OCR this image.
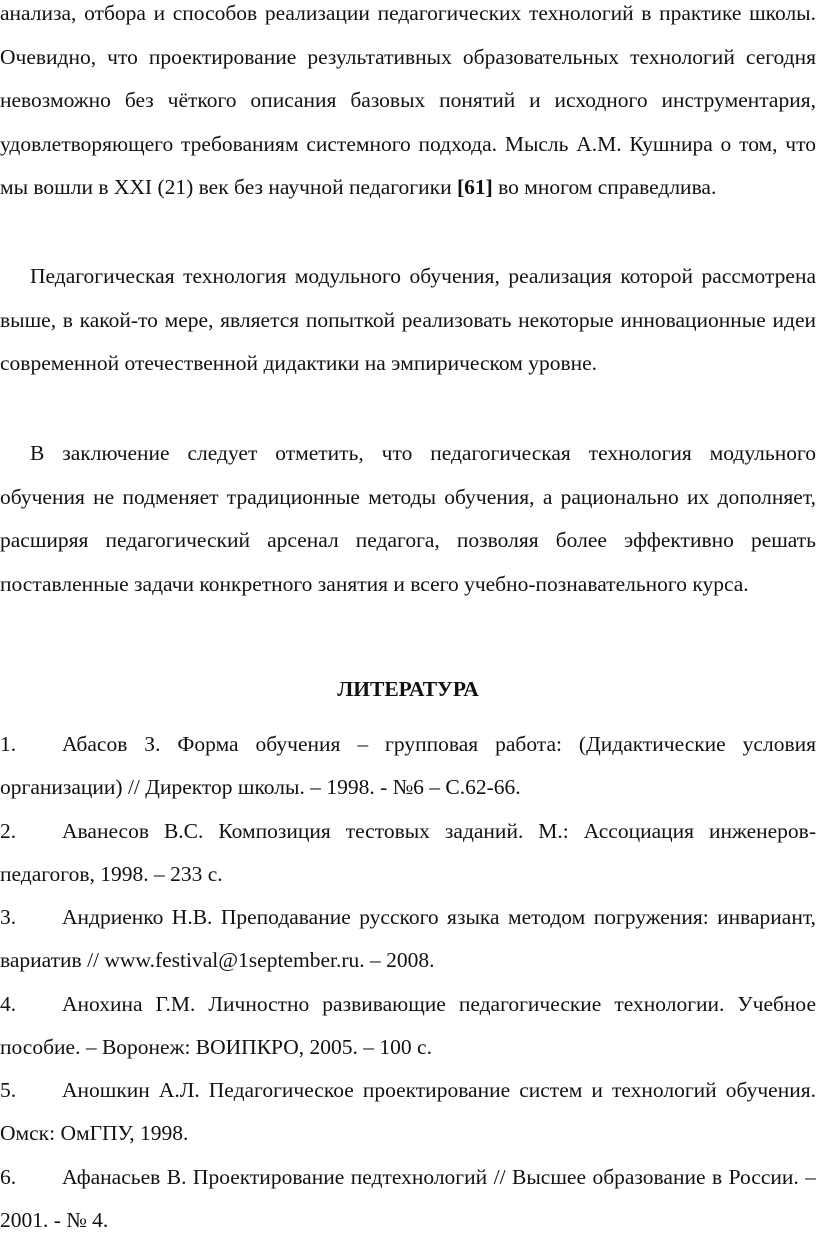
анализа, отбора и способов реализации педагогических технологий в практике школы. Очевидно, что проектирование результативных образовательных технологий сегодня невозможно без чёткого описания базовых понятий и исходного инструментария, удовлетворяющего требованиям системного подхода. Мысль А.М. Кушнира о том, что мы вошли в XXI (21) век без научной педагогики [61] во многом справедлива.

Педагогическая технология модульного обучения, реализация которой рассмотрена выше, в какой-то мере, является попыткой реализовать некоторые инновационные идеи современной отечественной дидактики на эмпирическом уровне.

В заключение следует отметить, что педагогическая технология модульного обучения не подменяет традиционные методы обучения, а рационально их дополняет, расширяя педагогический арсенал педагога, позволяя более эффективно решать поставленные задачи конкретного занятия и всего учебно-познавательного курса.

ЛИТЕРАТУРА
1. Абасов З. Форма обучения – групповая работа: (Дидактические условия организации) // Директор школы. – 1998. - №6 – С.62-66.
2. Аванесов В.С. Композиция тестовых заданий. М.: Ассоциация инженеров-педагогов, 1998. – 233 с.
3. Андриенко Н.В. Преподавание русского языка методом погружения: инвариант, вариатив // www.festival@1september.ru. – 2008.
4. Анохина Г.М. Личностно развивающие педагогические технологии. Учебное пособие. – Воронеж: ВОИПКРО, 2005. – 100 с.
5. Аношкин А.Л. Педагогическое проектирование систем и технологий обучения. Омск: ОмГПУ, 1998.
6. Афанасьев В. Проектирование педтехнологий // Высшее образование в России. – 2001. - № 4.
